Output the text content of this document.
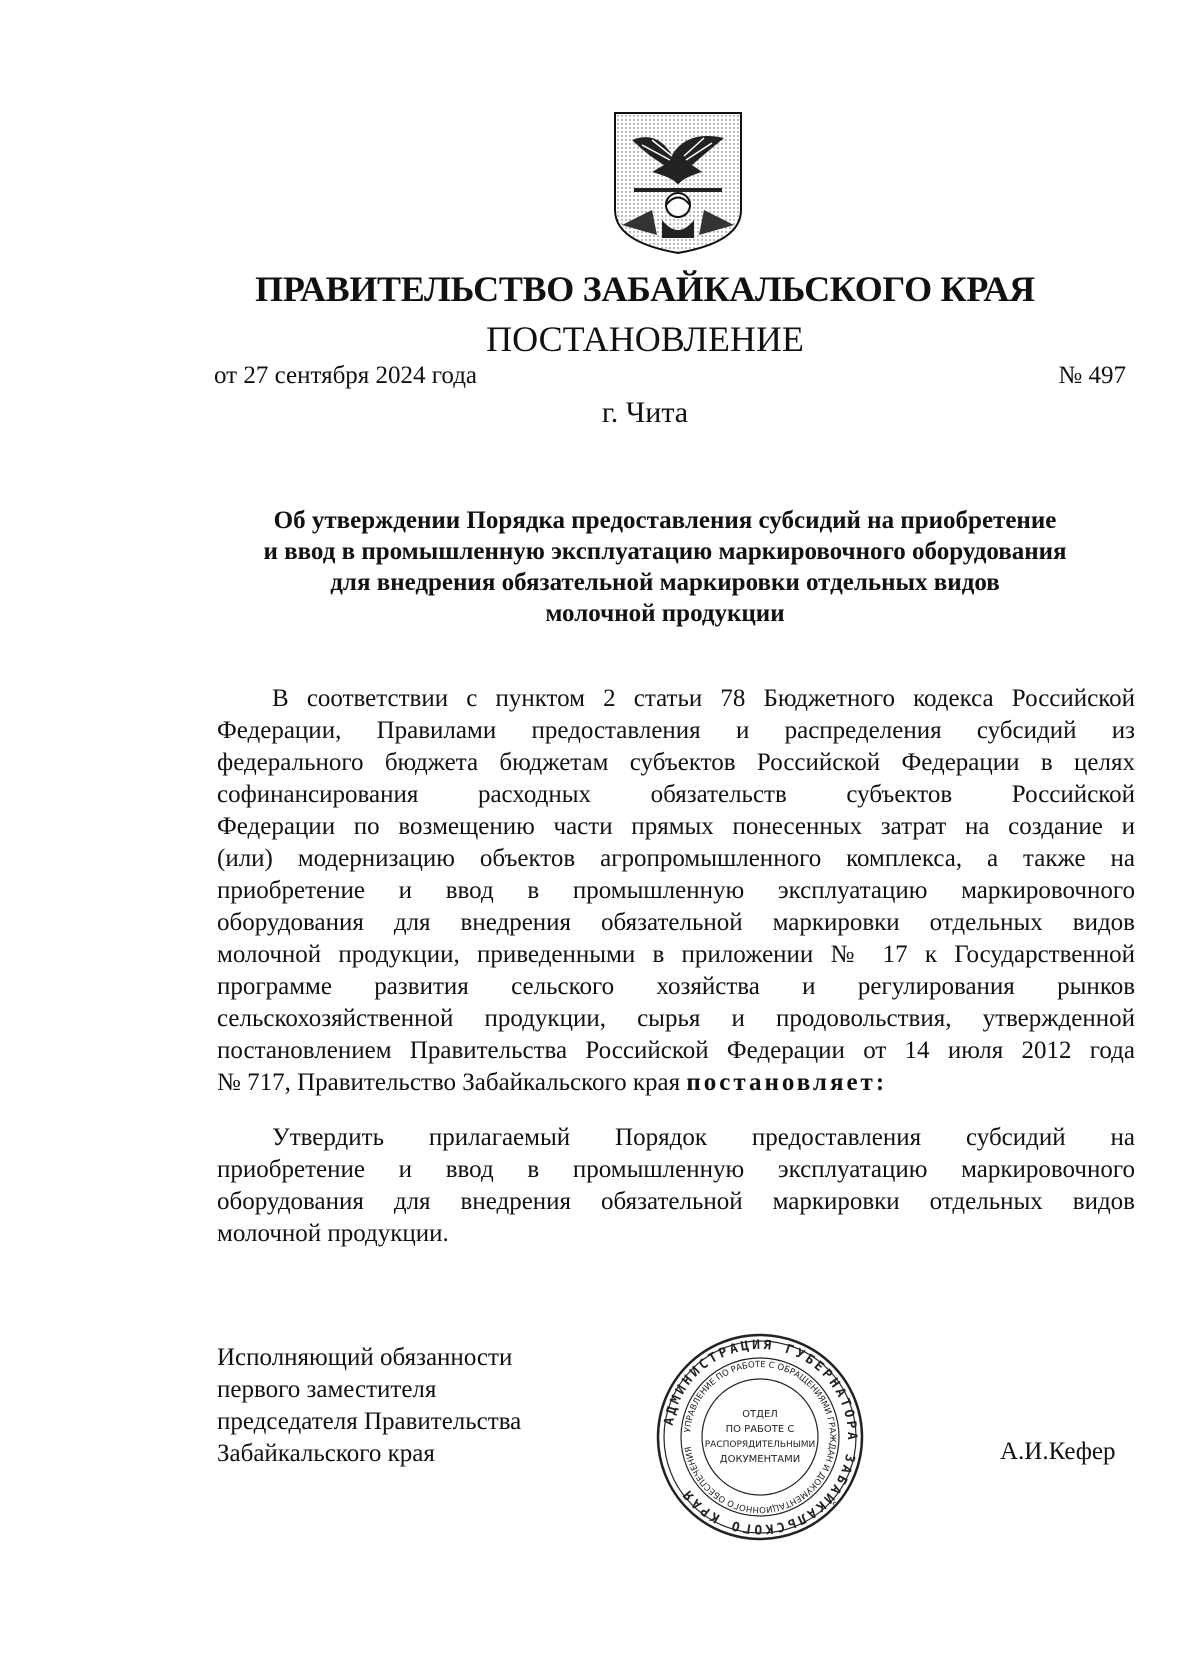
ПРАВИТЕЛЬСТВО ЗАБАЙКАЛЬСКОГО КРАЯ
ПОСТАНОВЛЕНИЕ
от 27 сентября 2024 года	№ 497
г. Чита
Об утверждении Порядка предоставления субсидий на приобретение
и ввод в промышленную эксплуатацию маркировочного оборудования
для внедрения обязательной маркировки отдельных видов
молочной продукции
В соответствии с пунктом 2 статьи 78 Бюджетного кодекса Российской
Федерации, Правилами предоставления и распределения субсидий из
федерального бюджета бюджетам субъектов Российской Федерации в целях
софинансирования расходных обязательств субъектов Российской
Федерации по возмещению части прямых понесенных затрат на создание и
(или) модернизацию объектов агропромышленного комплекса, а также на
приобретение и ввод в промышленную эксплуатацию маркировочного
оборудования для внедрения обязательной маркировки отдельных видов
молочной продукции, приведенными в приложении № 17 к Государственной
программе развития сельского хозяйства и регулирования рынков
сельскохозяйственной продукции, сырья и продовольствия, утвержденной
постановлением Правительства Российской Федерации от 14 июля 2012 года
№ 717, Правительство Забайкальского края постановляет:
Утвердить прилагаемый Порядок предоставления субсидий на
приобретение и ввод в промышленную эксплуатацию маркировочного
оборудования для внедрения обязательной маркировки отдельных видов
молочной продукции.
Исполняющий обязанности
первого заместителя
председателя Правительства
Забайкальского края
АДМИНИСТРАЦИЯ ГУБЕРНАТОРА ЗАБАЙКАЛЬСКОГО КРАЯ
УПРАВЛЕНИЕ ПО РАБОТЕ С ОБРАЩЕНИЯМИ ГРАЖДАН И ДОКУМЕНТАЦИОННОГО ОБЕСПЕЧЕНИЯ
ОТДЕЛ
ПО РАБОТЕ С
РАСПОРЯДИТЕЛЬНЫМИ
ДОКУМЕНТАМИ	А.И.Кефер
